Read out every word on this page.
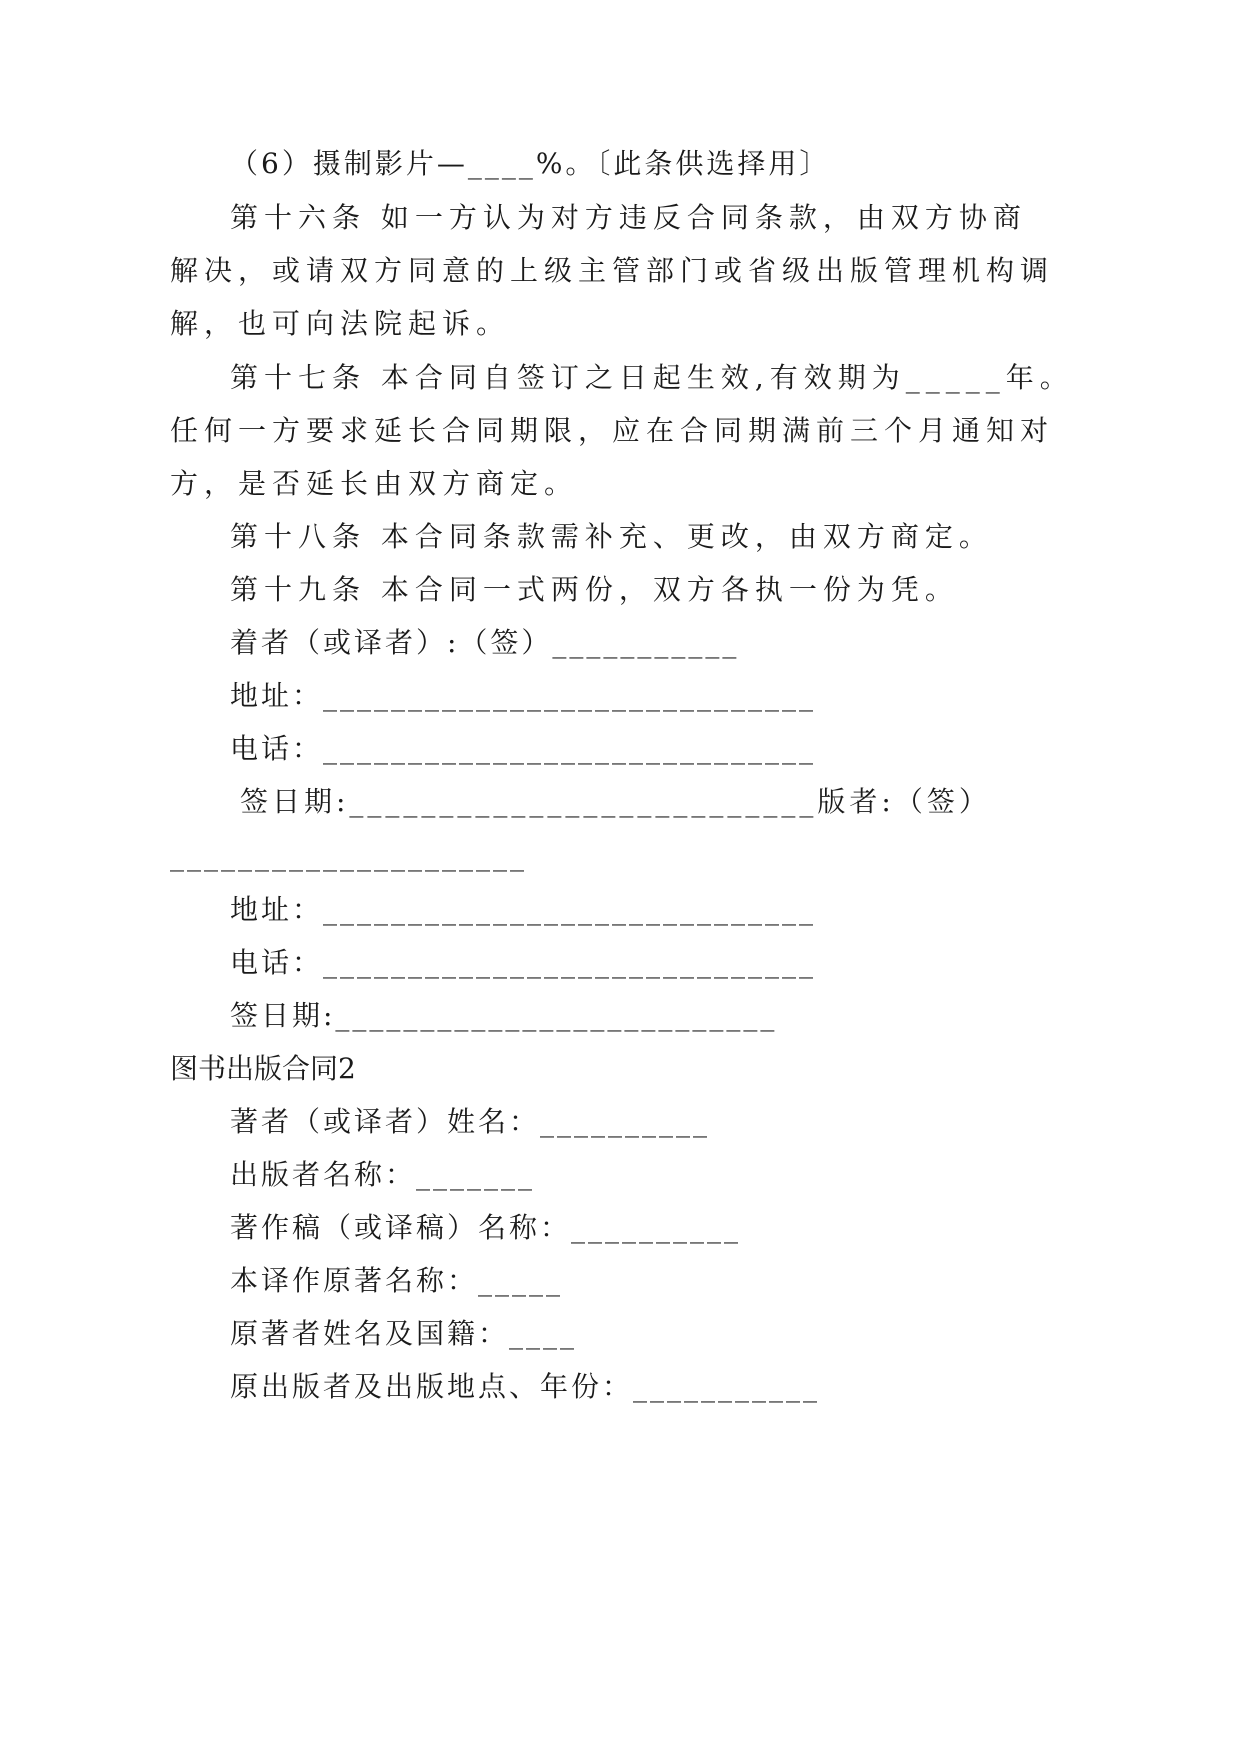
（6）摄制影片—____%。〔此条供选择用〕
第十六条 如一方认为对方违反合同条款，由双方协商
解决，或请双方同意的上级主管部门或省级出版管理机构调
解，也可向法院起诉。
第十七条 本合同自签订之日起生效,有效期为_____年。
任何一方要求延长合同期限，应在合同期满前三个月通知对
方，是否延长由双方商定。
第十八条 本合同条款需补充、更改，由双方商定。
第十九条 本合同一式两份，双方各执一份为凭。
着者（或译者）:（签）___________
地址：_____________________________
电话：_____________________________
签日期:__________________________版者:（签）
_____________________
地址：_____________________________
电话：_____________________________
签日期:__________________________
图书出版合同2
著者（或译者）姓名：__________
出版者名称：_______
著作稿（或译稿）名称：__________
本译作原著名称：_____
原著者姓名及国籍：____
原出版者及出版地点、年份：___________
